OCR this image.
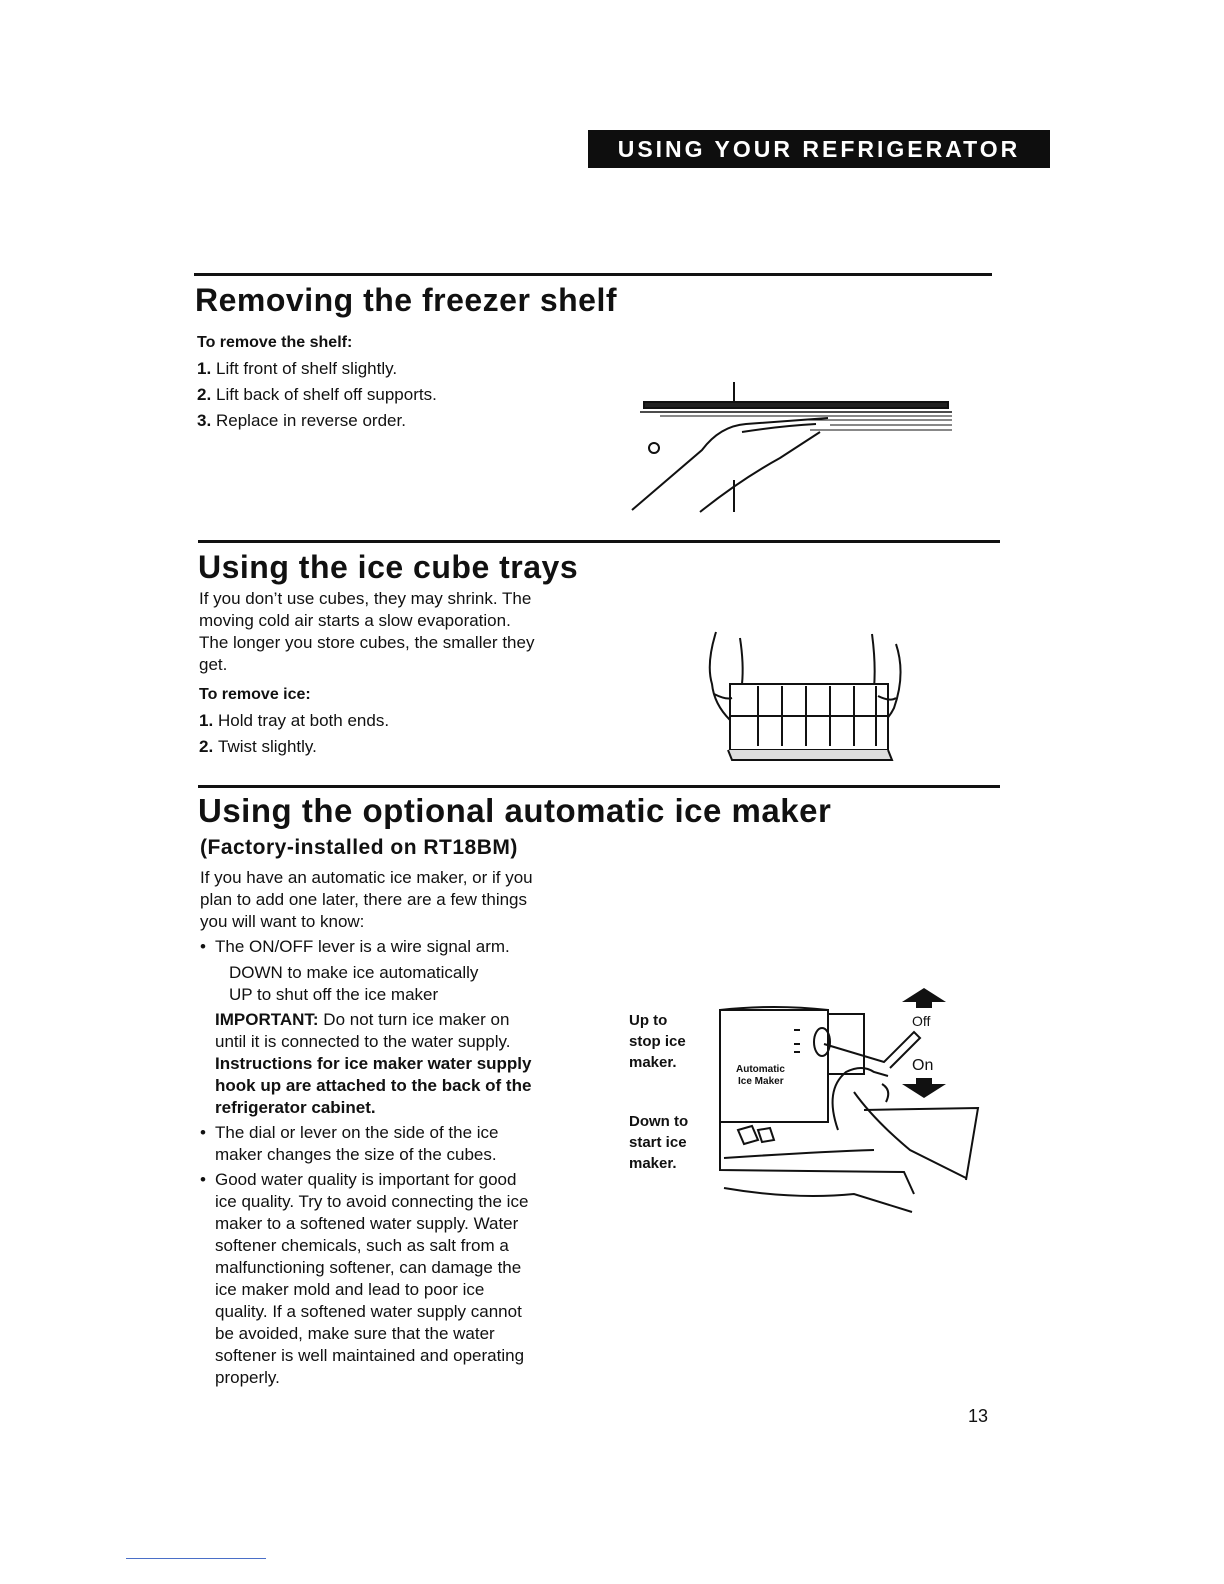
USING YOUR REFRIGERATOR
Removing the freezer shelf
To remove the shelf:
1. Lift front of shelf slightly.
2. Lift back of shelf off supports.
3. Replace in reverse order.
Using the ice cube trays
If you don’t use cubes, they may shrink. The
moving cold air starts a slow evaporation.
The longer you store cubes, the smaller they
get.
To remove ice:
1. Hold tray at both ends.
2. Twist slightly.
Using the optional automatic ice maker
(Factory-installed on RT18BM)
If you have an automatic ice maker, or if you
plan to add one later, there are a few things
you will want to know:
• The ON/OFF lever is a wire signal arm.
DOWN to make ice automatically
UP to shut off the ice maker
IMPORTANT: Do not turn ice maker on
until it is connected to the water supply.
Instructions for ice maker water supply
hook up are attached to the back of the
refrigerator cabinet.
• The dial or lever on the side of the ice
maker changes the size of the cubes.
• Good water quality is important for good
ice quality. Try to avoid connecting the ice
maker to a softened water supply. Water
softener chemicals, such as salt from a
malfunctioning softener, can damage the
ice maker mold and lead to poor ice
quality. If a softened water supply cannot
be avoided, make sure that the water
softener is well maintained and operating
properly.
Up to
stop ice
maker.
Down to
start ice
maker.
Off
On
Automatic
Ice Maker
13
